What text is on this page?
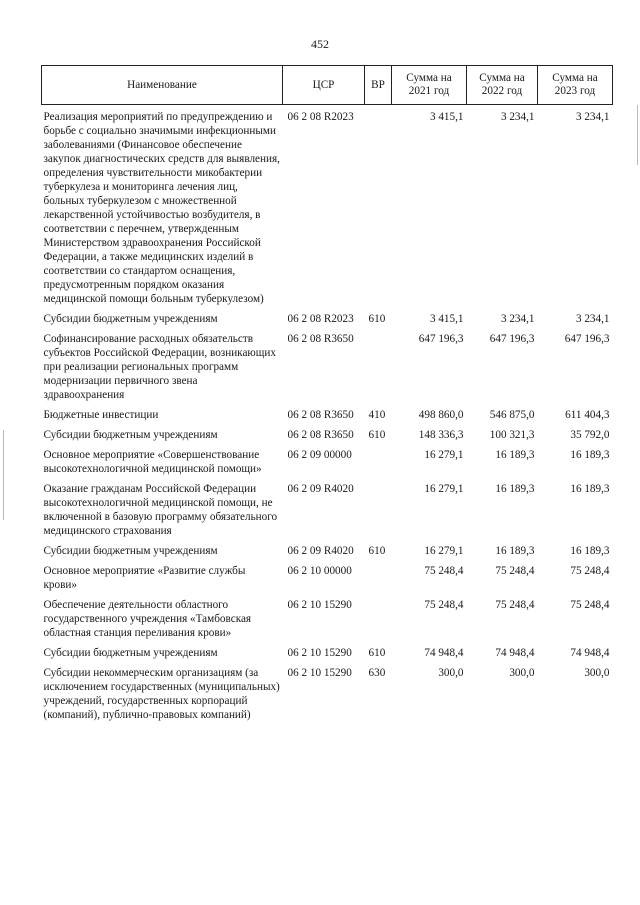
452
Наименование	ЦСР	ВР	Сумма на 2021 год	Сумма на 2022 год	Сумма на 2023 год

Реализация мероприятий по предупреждению и борьбе с социально значимыми инфекционными заболеваниями (Финансовое обеспечение закупок диагностических средств для выявления, определения чувствительности микобактерии туберкулеза и мониторинга лечения лиц, больных туберкулезом с множественной лекарственной устойчивостью возбудителя, в соответствии с перечнем, утвержденным Министерством здравоохранения Российской Федерации, а также медицинских изделий в соответствии со стандартом оснащения, предусмотренным порядком оказания медицинской помощи больным туберкулезом)	06 2 08 R2023		3 415,1	3 234,1	3 234,1

Субсидии бюджетным учреждениям	06 2 08 R2023	610	3 415,1	3 234,1	3 234,1

Софинансирование расходных обязательств субъектов Российской Федерации, возникающих при реализации региональных программ модернизации первичного звена здравоохранения	06 2 08 R3650		647 196,3	647 196,3	647 196,3

Бюджетные инвестиции	06 2 08 R3650	410	498 860,0	546 875,0	611 404,3

Субсидии бюджетным учреждениям	06 2 08 R3650	610	148 336,3	100 321,3	35 792,0

Основное мероприятие «Совершенствование высокотехнологичной медицинской помощи»	06 2 09 00000		16 279,1	16 189,3	16 189,3

Оказание гражданам Российской Федерации высокотехнологичной медицинской помощи, не включенной в базовую программу обязательного медицинского страхования	06 2 09 R4020		16 279,1	16 189,3	16 189,3

Субсидии бюджетным учреждениям	06 2 09 R4020	610	16 279,1	16 189,3	16 189,3

Основное мероприятие «Развитие службы крови»	06 2 10 00000		75 248,4	75 248,4	75 248,4

Обеспечение деятельности областного государственного учреждения «Тамбовская областная станция переливания крови»	06 2 10 15290		75 248,4	75 248,4	75 248,4

Субсидии бюджетным учреждениям	06 2 10 15290	610	74 948,4	74 948,4	74 948,4

Субсидии некоммерческим организациям (за исключением государственных (муниципальных) учреждений, государственных корпораций (компаний), публично-правовых компаний)	06 2 10 15290	630	300,0	300,0	300,0
